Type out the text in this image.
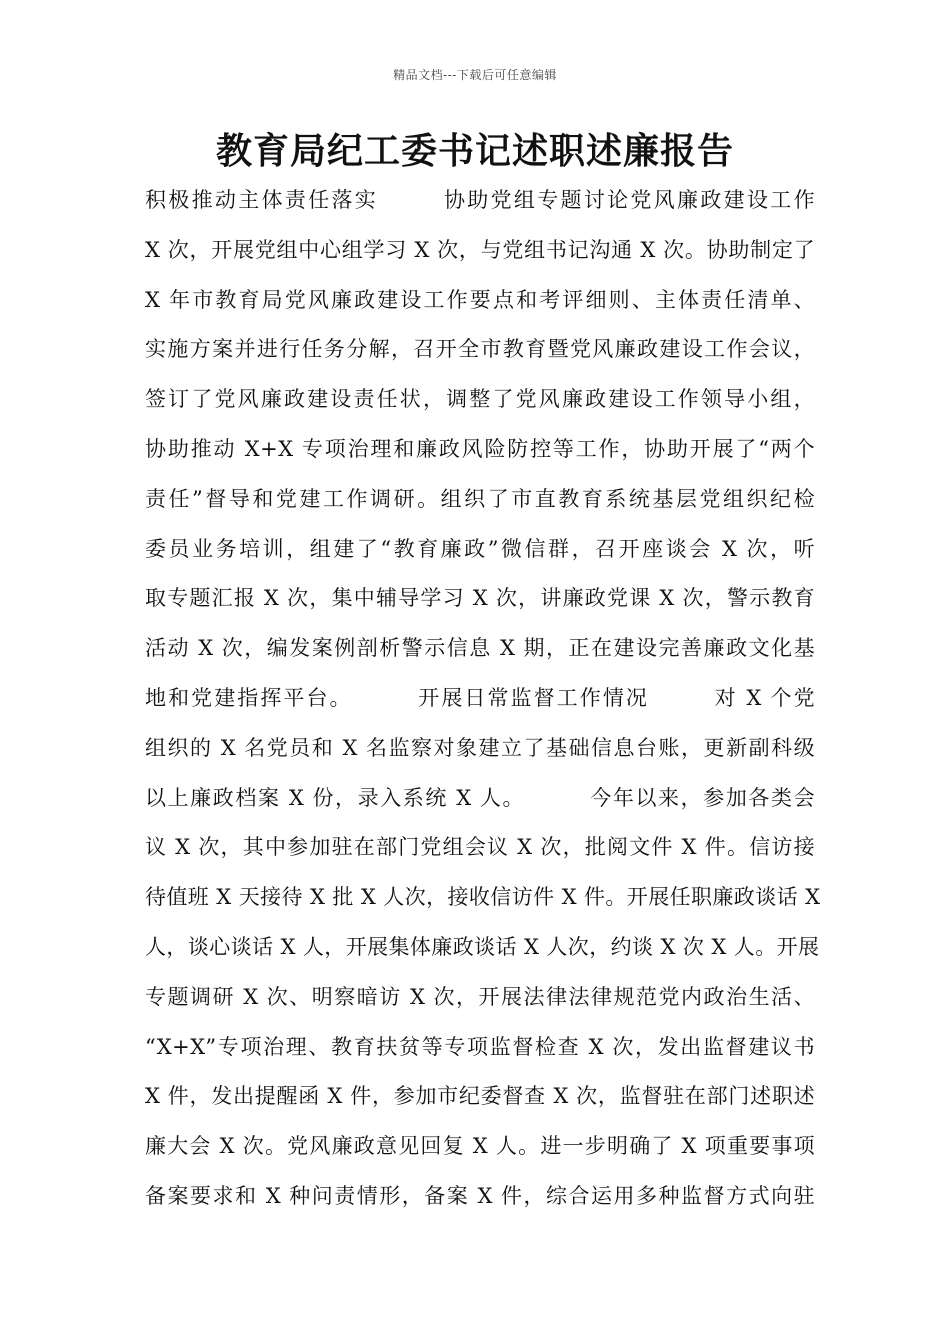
精品文档---下载后可任意编辑
教育局纪工委书记述职述廉报告
积极推动主体责任落实	协助党组专题讨论党风廉政建设工作
X 次，开展党组中心组学习 X 次，与党组书记沟通 X 次。协助制定了
X 年市教育局党风廉政建设工作要点和考评细则、主体责任清单、
实施方案并进行任务分解，召开全市教育暨党风廉政建设工作会议，
签订了党风廉政建设责任状，调整了党风廉政建设工作领导小组，
协助推动 X+X 专项治理和廉政风险防控等工作，协助开展了“两个
责任”督导和党建工作调研。组织了市直教育系统基层党组织纪检
委员业务培训，组建了“教育廉政”微信群，召开座谈会 X 次，听
取专题汇报 X 次，集中辅导学习 X 次，讲廉政党课 X 次，警示教育
活动 X 次，编发案例剖析警示信息 X 期，正在建设完善廉政文化基
地和党建指挥平台。	开展日常监督工作情况	对 X 个党
组织的 X 名党员和 X 名监察对象建立了基础信息台账，更新副科级
以上廉政档案 X 份，录入系统 X 人。	今年以来，参加各类会
议 X 次，其中参加驻在部门党组会议 X 次，批阅文件 X 件。信访接
待值班 X 天接待 X 批 X 人次，接收信访件 X 件。开展任职廉政谈话 X
人，谈心谈话 X 人，开展集体廉政谈话 X 人次，约谈 X 次 X 人。开展
专题调研 X 次、明察暗访 X 次，开展法律法律规范党内政治生活、
“X+X”专项治理、教育扶贫等专项监督检查 X 次，发出监督建议书
X 件，发出提醒函 X 件，参加市纪委督查 X 次，监督驻在部门述职述
廉大会 X 次。党风廉政意见回复 X 人。进一步明确了 X 项重要事项
备案要求和 X 种问责情形，备案 X 件，综合运用多种监督方式向驻
